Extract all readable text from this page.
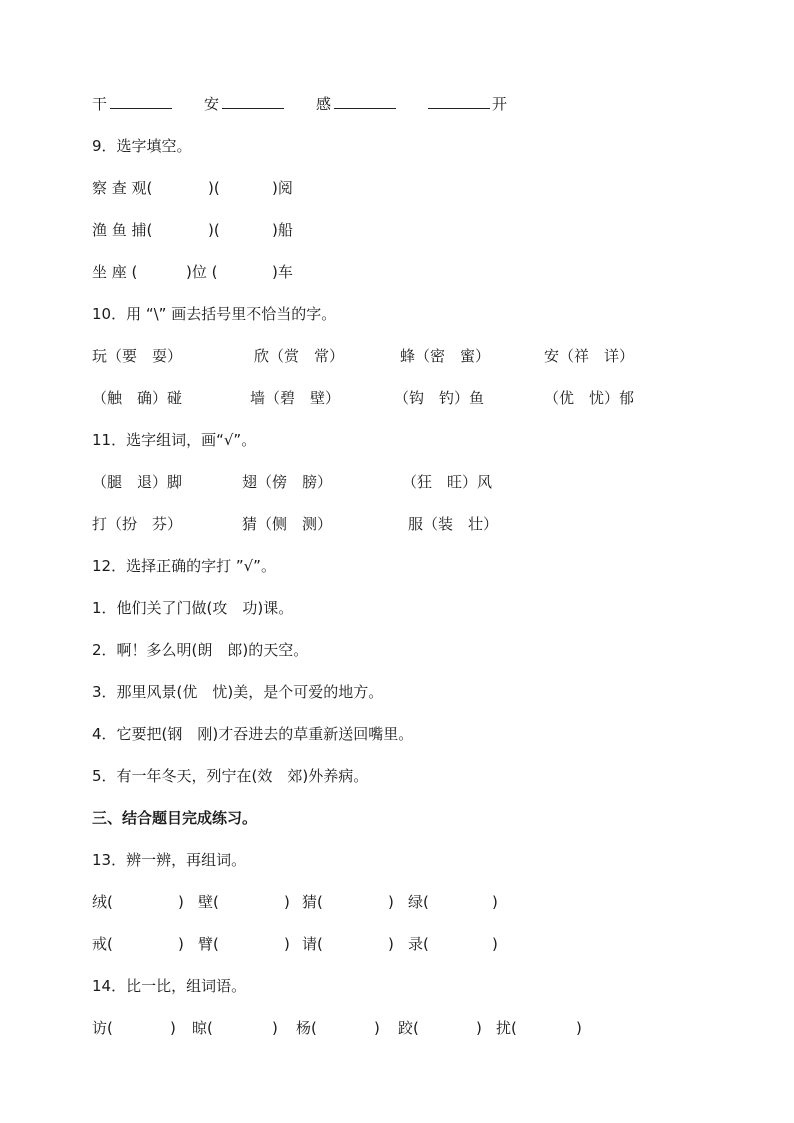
干	安	感	开
9．选字填空。
察 查 观(	)(	)阅
渔 鱼 捕(	)(	)船
坐 座 (	)位 (	)车
10．用 “\” 画去括号里不恰当的字。
玩（要　耍）	欣（赏　常）	蜂（密　蜜）	安（祥　详）
（触　确）碰	墙（碧　壁）	（钩　钓）鱼	（优　忧）郁
11．选字组词，画“√”。
（腿　退）脚	翅（傍　膀）	（狂　旺）风
打（扮　芬）	猜（侧　测）	服（装　壮）
12．选择正确的字打 ”√”。
1．他们关了门做(攻　功)课。
2．啊！多么明(朗　郎)的天空。
3．那里风景(优　忧)美，是个可爱的地方。
4．它要把(钢　刚)才吞进去的草重新送回嘴里。
5．有一年冬天，列宁在(效　郊)外养病。
三、结合题目完成练习。
13．辨一辨，再组词。
绒(	) 壁(	) 猜(	) 绿(	)
戒(	) 臂(	) 请(	) 录(	)
14．比一比，组词语。
访(	) 晾(	) 杨(	) 跤(	) 扰(	)
